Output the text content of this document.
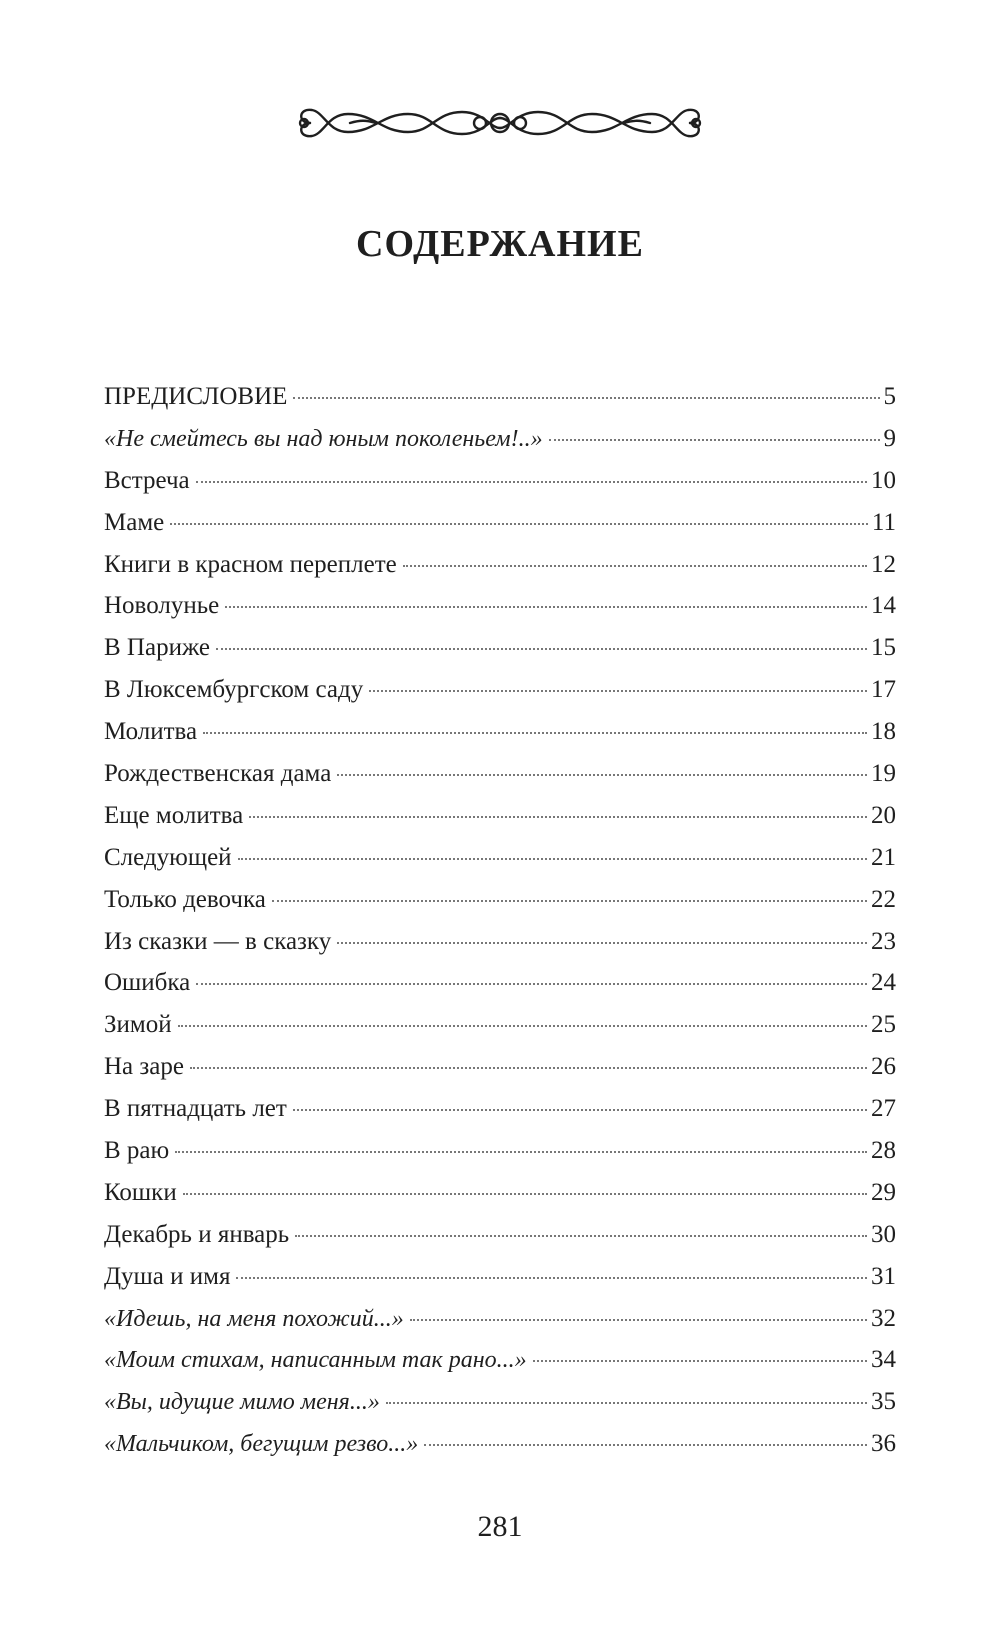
СОДЕРЖАНИЕ
ПРЕДИСЛОВИЕ	5
«Не смейтесь вы над юным поколеньем!..»	9
Встреча	10
Маме	11
Книги в красном переплете	12
Новолунье	14
В Париже	15
В Люксембургском саду	17
Молитва	18
Рождественская дама	19
Еще молитва	20
Следующей	21
Только девочка	22
Из сказки — в сказку	23
Ошибка	24
Зимой	25
На заре	26
В пятнадцать лет	27
В раю	28
Кошки	29
Декабрь и январь	30
Душа и имя	31
«Идешь, на меня похожий...»	32
«Моим стихам, написанным так рано...»	34
«Вы, идущие мимо меня...»	35
«Мальчиком, бегущим резво...»	36
281
